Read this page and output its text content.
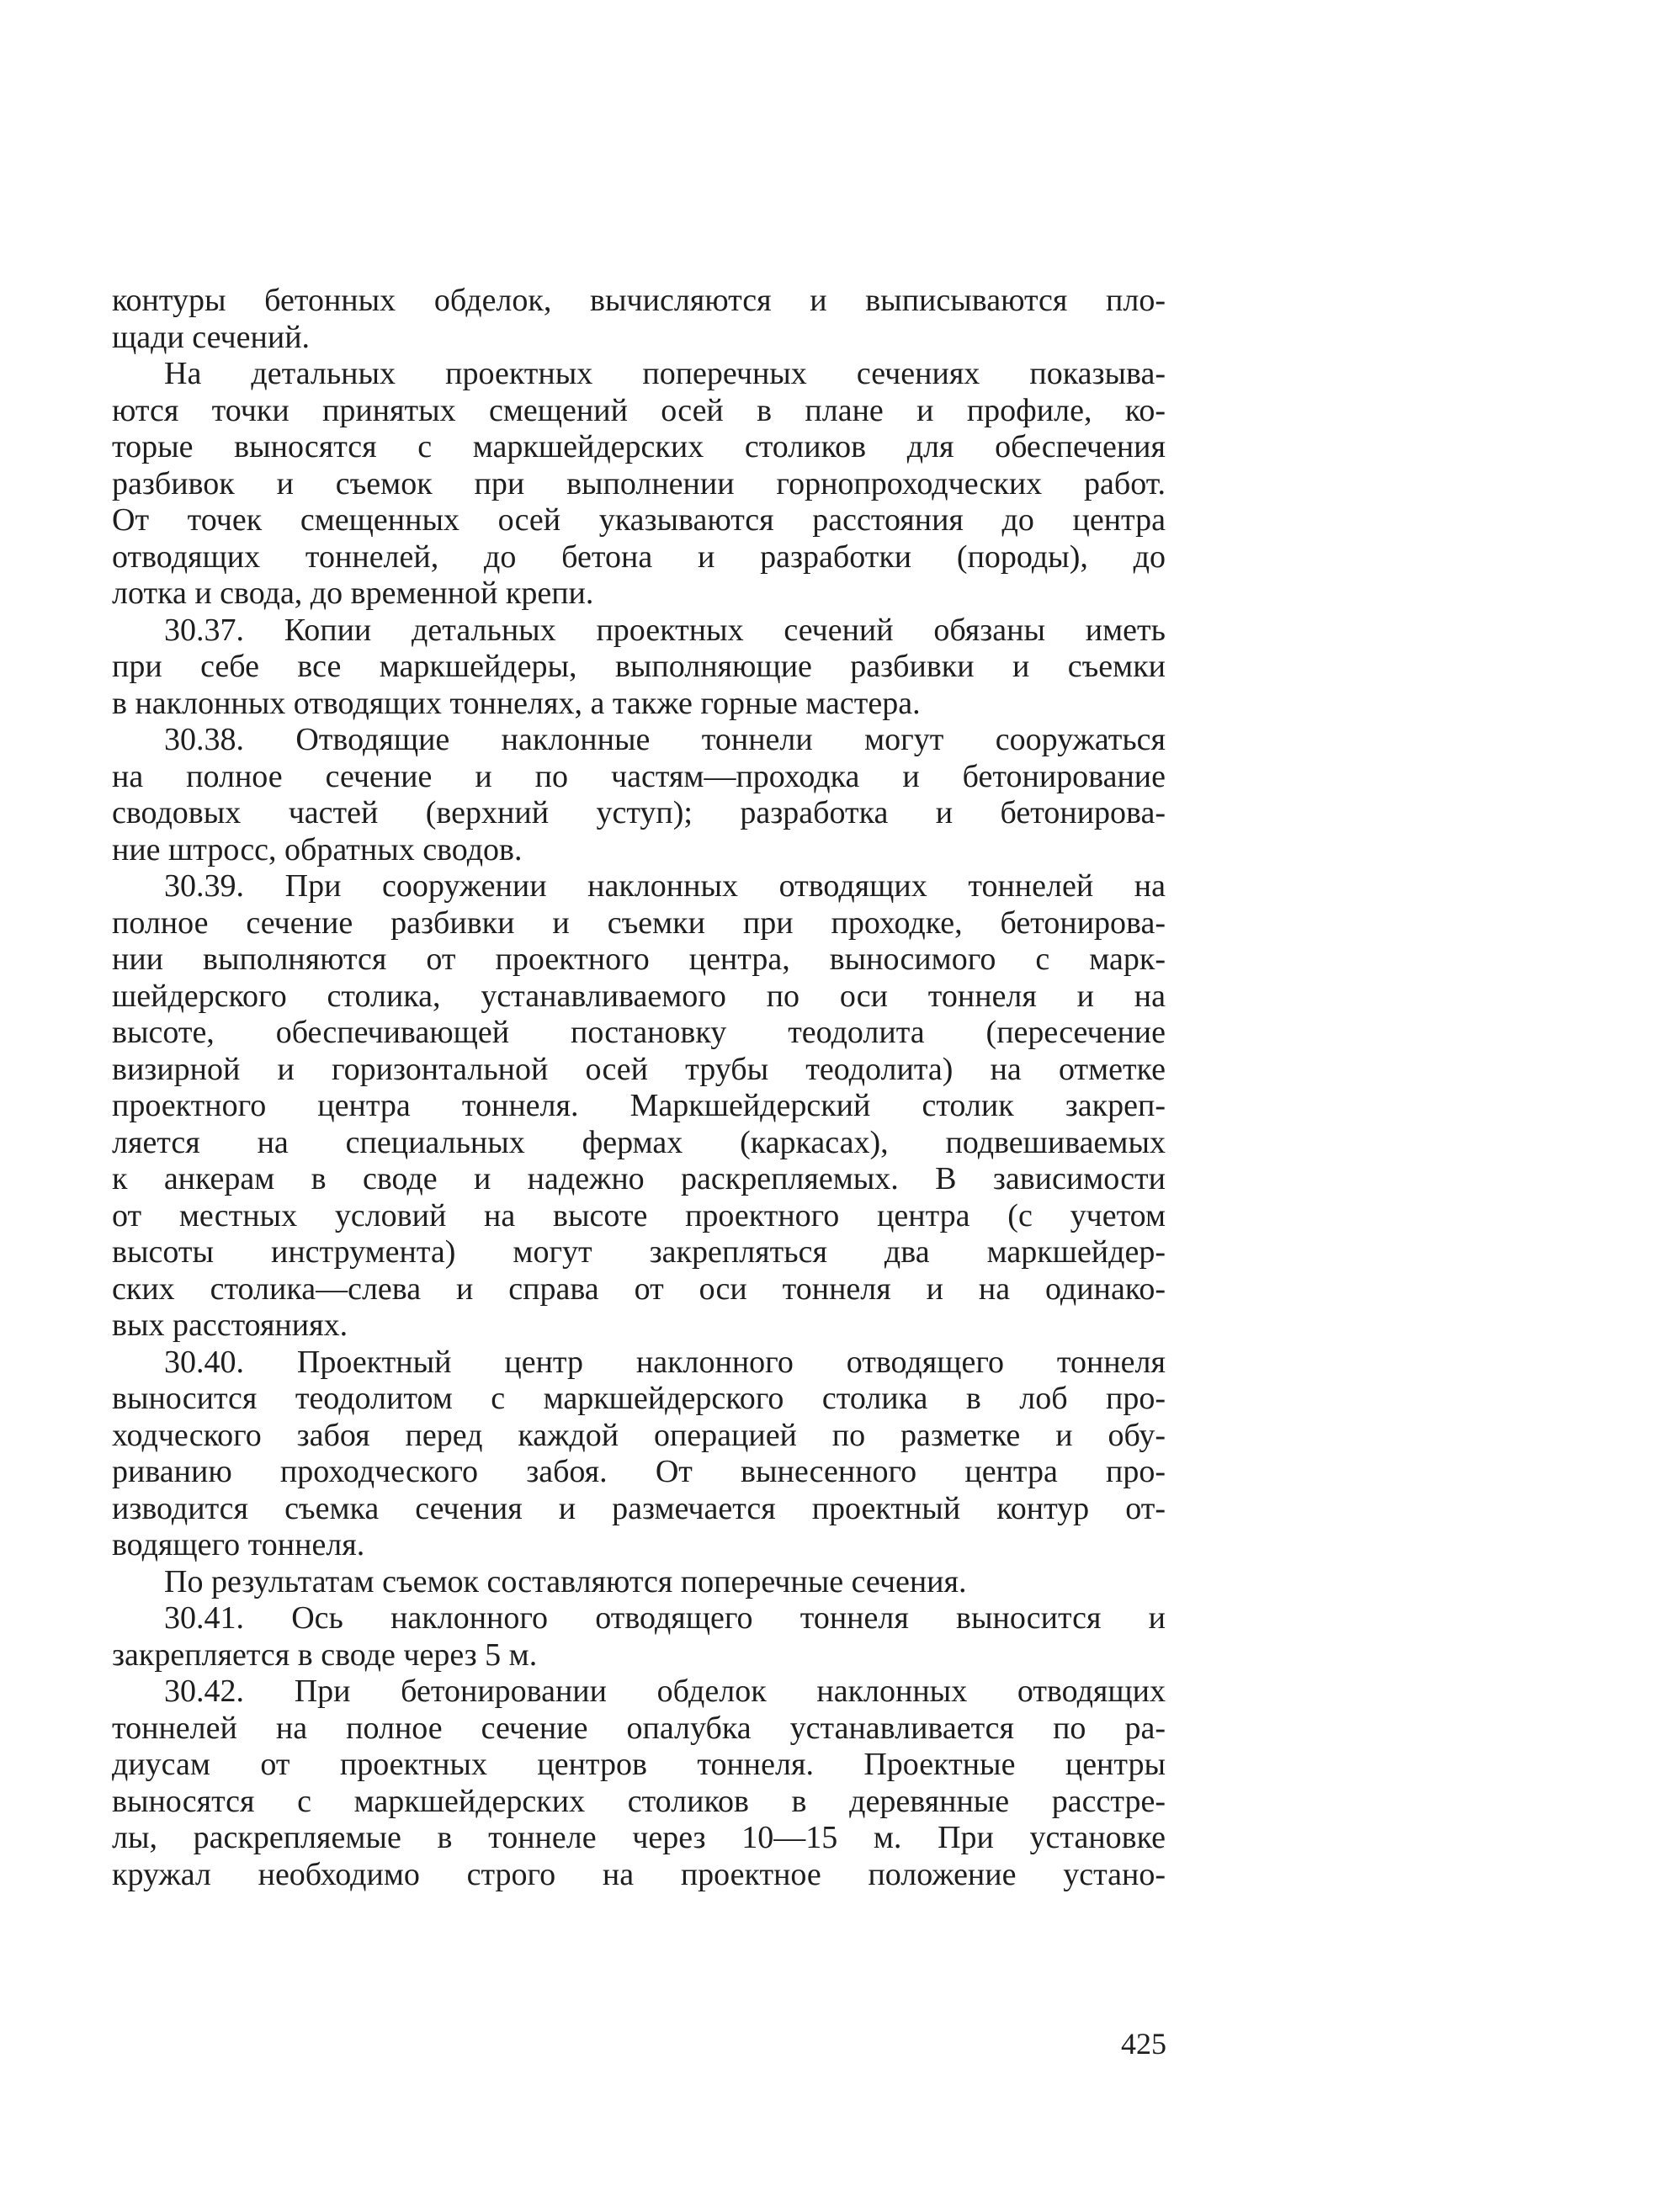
контуры бетонных обделок, вычисляются и выписываются пло-
щади сечений.
На детальных проектных поперечных сечениях показыва-
ются точки принятых смещений осей в плане и профиле, ко-
торые выносятся с маркшейдерских столиков для обеспечения
разбивок и съемок при выполнении горнопроходческих работ.
От точек смещенных осей указываются расстояния до центра
отводящих тоннелей, до бетона и разработки (породы), до
лотка и свода, до временной крепи.
30.37. Копии детальных проектных сечений обязаны иметь
при себе все маркшейдеры, выполняющие разбивки и съемки
в наклонных отводящих тоннелях, а также горные мастера.
30.38. Отводящие наклонные тоннели могут сооружаться
на полное сечение и по частям—проходка и бетонирование
сводовых частей (верхний уступ); разработка и бетонирова-
ние штросс, обратных сводов.
30.39. При сооружении наклонных отводящих тоннелей на
полное сечение разбивки и съемки при проходке, бетонирова-
нии выполняются от проектного центра, выносимого с марк-
шейдерского столика, устанавливаемого по оси тоннеля и на
высоте, обеспечивающей постановку теодолита (пересечение
визирной и горизонтальной осей трубы теодолита) на отметке
проектного центра тоннеля. Маркшейдерский столик закреп-
ляется на специальных фермах (каркасах), подвешиваемых
к анкерам в своде и надежно раскрепляемых. В зависимости
от местных условий на высоте проектного центра (с учетом
высоты инструмента) могут закрепляться два маркшейдер-
ских столика—слева и справа от оси тоннеля и на одинако-
вых расстояниях.
30.40. Проектный центр наклонного отводящего тоннеля
выносится теодолитом с маркшейдерского столика в лоб про-
ходческого забоя перед каждой операцией по разметке и обу-
риванию проходческого забоя. От вынесенного центра про-
изводится съемка сечения и размечается проектный контур от-
водящего тоннеля.
По результатам съемок составляются поперечные сечения.
30.41. Ось наклонного отводящего тоннеля выносится и
закрепляется в своде через 5 м.
30.42. При бетонировании обделок наклонных отводящих
тоннелей на полное сечение опалубка устанавливается по ра-
диусам от проектных центров тоннеля. Проектные центры
выносятся с маркшейдерских столиков в деревянные расстре-
лы, раскрепляемые в тоннеле через 10—15 м. При установке
кружал необходимо строго на проектное положение устано-
425
